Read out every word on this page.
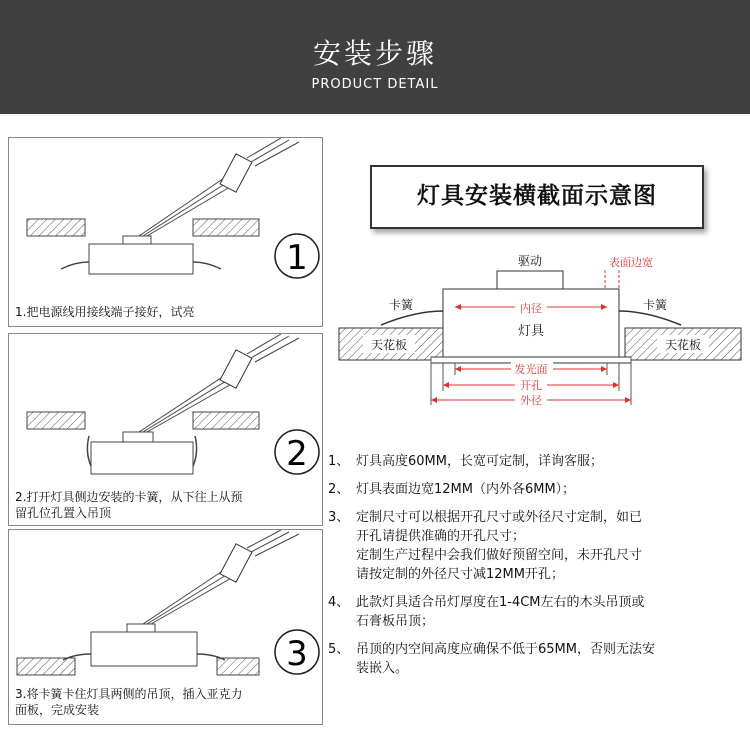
安装步骤
PRODUCT DETAIL
1
1.把电源线用接线端子接好，试亮
2
2.打开灯具侧边安装的卡簧，从下往上从预
留孔位孔置入吊顶
3
3.将卡簧卡住灯具两侧的吊顶，插入亚克力
面板，完成安装
灯具安装横截面示意图
驱动	表面边宽
天花板	天花板
卡簧	卡簧
内径
灯具
发光面
开孔
外径
1、 灯具高度60MM，长宽可定制，详询客服；
2、 灯具表面边宽12MM（内外各6MM）；
3、 定制尺寸可以根据开孔尺寸或外径尺寸定制，如已
开孔请提供准确的开孔尺寸；
定制生产过程中会我们做好预留空间，未开孔尺寸
请按定制的外径尺寸减12MM开孔；
4、 此款灯具适合吊灯厚度在1-4CM左右的木头吊顶或
石膏板吊顶；
5、 吊顶的内空间高度应确保不低于65MM，否则无法安
装嵌入。
